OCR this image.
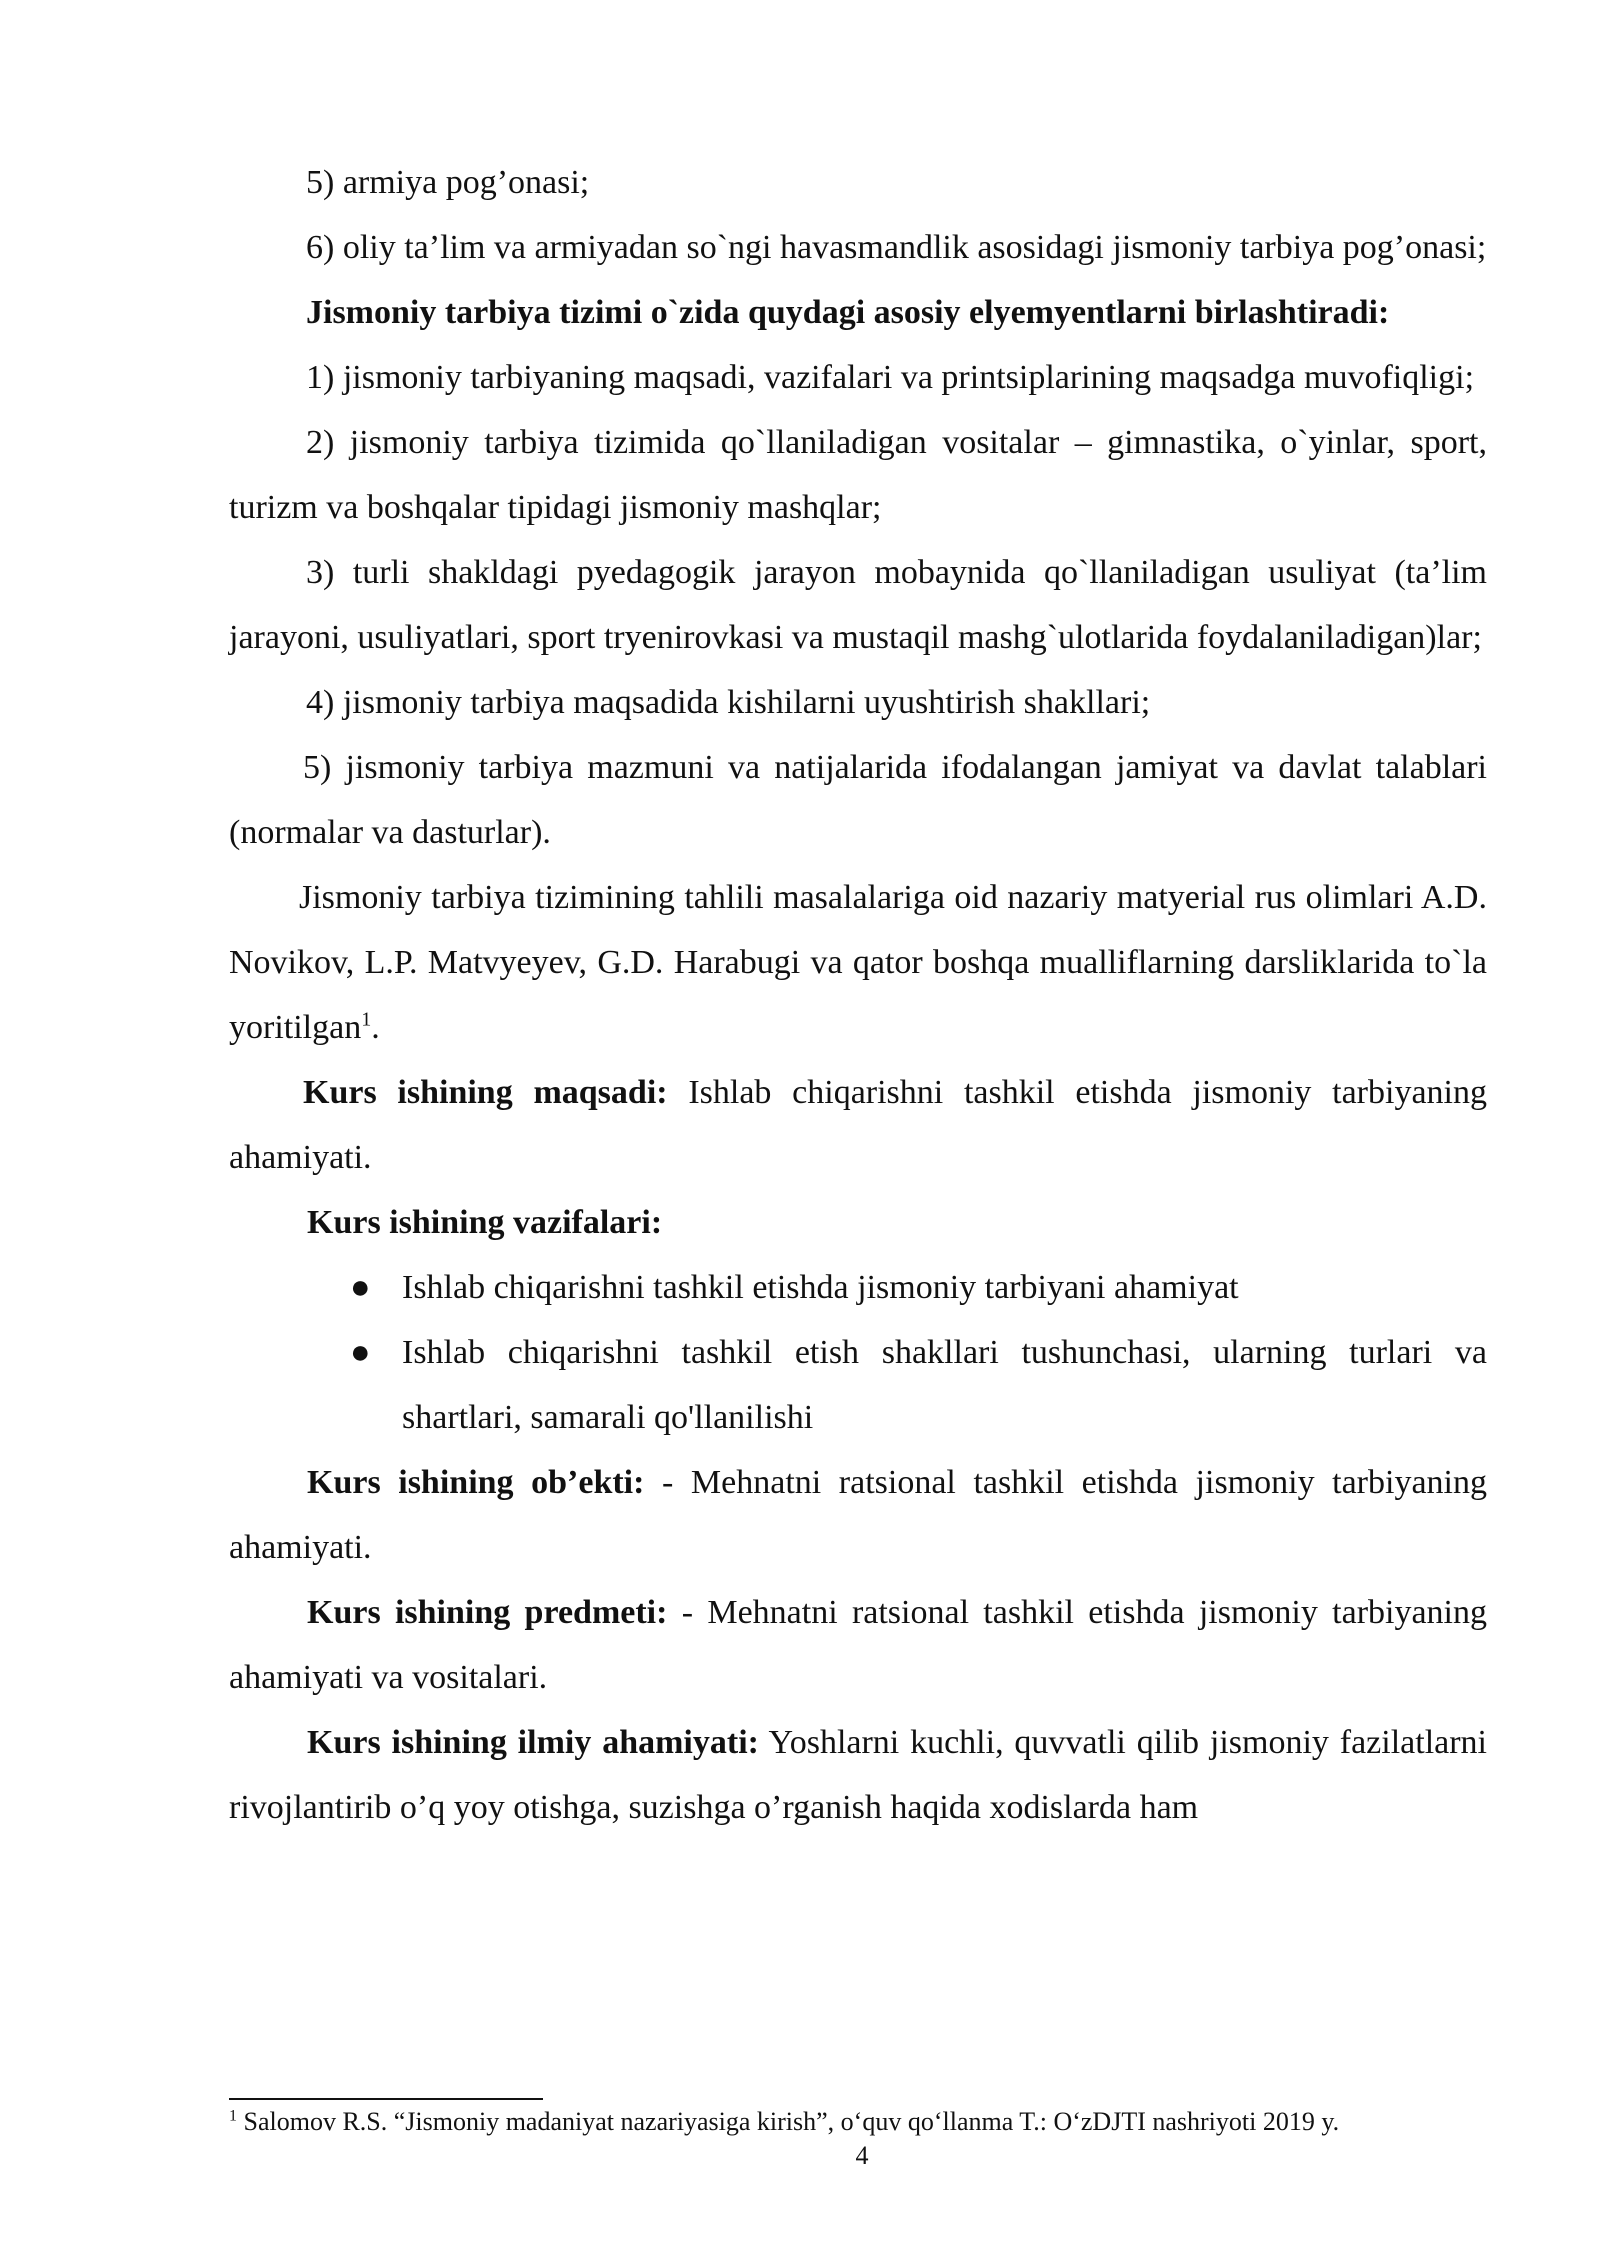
5) armiya pog’onasi;

6) oliy ta’lim va armiyadan so`ngi havasmandlik asosidagi jismoniy tarbiya pog’onasi;

Jismoniy tarbiya tizimi o`zida quydagi asosiy elyemyentlarni birlashtiradi:

1) jismoniy tarbiyaning maqsadi, vazifalari va printsiplarining maqsadga muvofiqligi;

2) jismoniy tarbiya tizimida qo`llaniladigan vositalar – gimnastika, o`yinlar, sport, turizm va boshqalar tipidagi jismoniy mashqlar;

3) turli shakldagi pyedagogik jarayon mobaynida qo`llaniladigan usuliyat (ta’lim jarayoni, usuliyatlari, sport tryenirovkasi va mustaqil mashg`ulotlarida foydalaniladigan)lar;

4) jismoniy tarbiya maqsadida kishilarni uyushtirish shakllari;

5) jismoniy tarbiya mazmuni va natijalarida ifodalangan jamiyat va davlat talablari (normalar va dasturlar).

Jismoniy tarbiya tizimining tahlili masalalariga oid nazariy matyerial rus olimlari A.D. Novikov, L.P. Matvyeyev, G.D. Harabugi va qator boshqa mualliflarning darsliklarida to`la yoritilgan$^1$.

Kurs ishining maqsadi: Ishlab chiqarishni tashkil etishda jismoniy tarbiyaning ahamiyati.

Kurs ishining vazifalari:

● Ishlab chiqarishni tashkil etishda jismoniy tarbiyani ahamiyat
● Ishlab chiqarishni tashkil etish shakllari tushunchasi, ularning turlari va shartlari, samarali qo'llanilishi

Kurs ishining ob’ekti: - Mehnatni ratsional tashkil etishda jismoniy tarbiyaning ahamiyati.

Kurs ishining predmeti: - Mehnatni ratsional tashkil etishda jismoniy tarbiyaning ahamiyati va vositalari.

Kurs ishining ilmiy ahamiyati: Yoshlarni kuchli, quvvatli qilib jismoniy fazilatlarni rivojlantirib o’q yoy otishga, suzishga o’rganish haqida xodislarda ham

$^1$ Salomov R.S. “Jismoniy madaniyat nazariyasiga kirish”, o‘quv qo‘llanma T.: O‘zDJTI nashriyoti 2019 y.
4
